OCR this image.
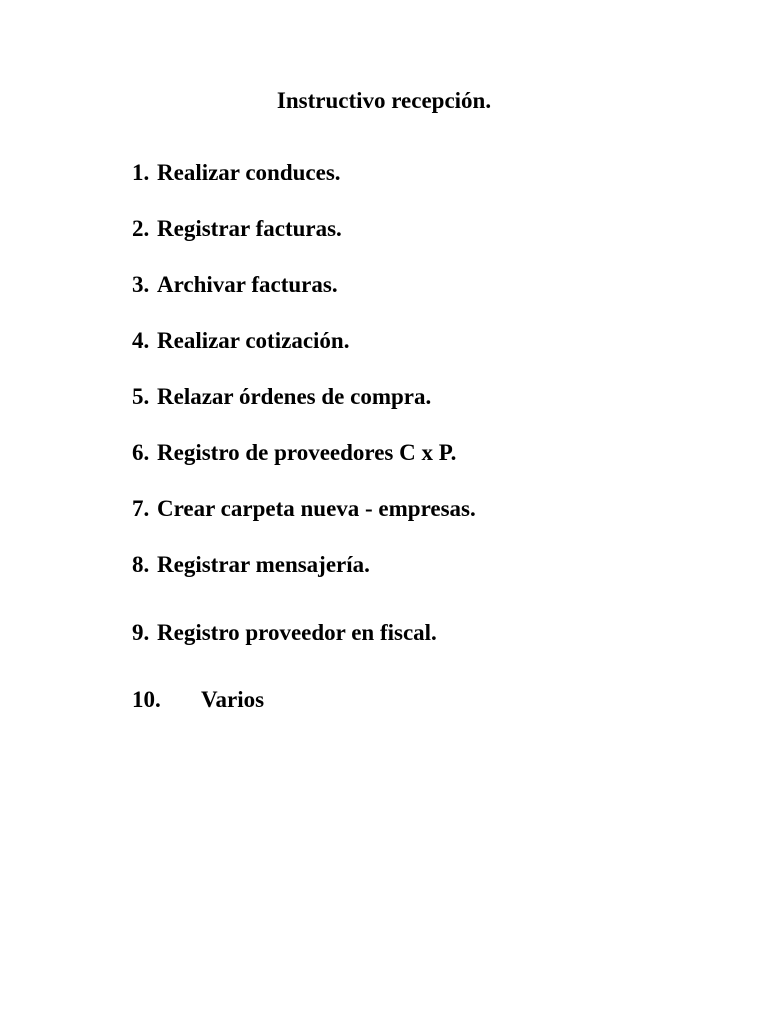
Instructivo recepción.
1. Realizar conduces.
2. Registrar facturas.
3. Archivar facturas.
4. Realizar cotización.
5. Relazar órdenes de compra.
6. Registro de proveedores C x P.
7. Crear carpeta nueva - empresas.
8. Registrar mensajería.
9. Registro proveedor en fiscal.
10. Varios
